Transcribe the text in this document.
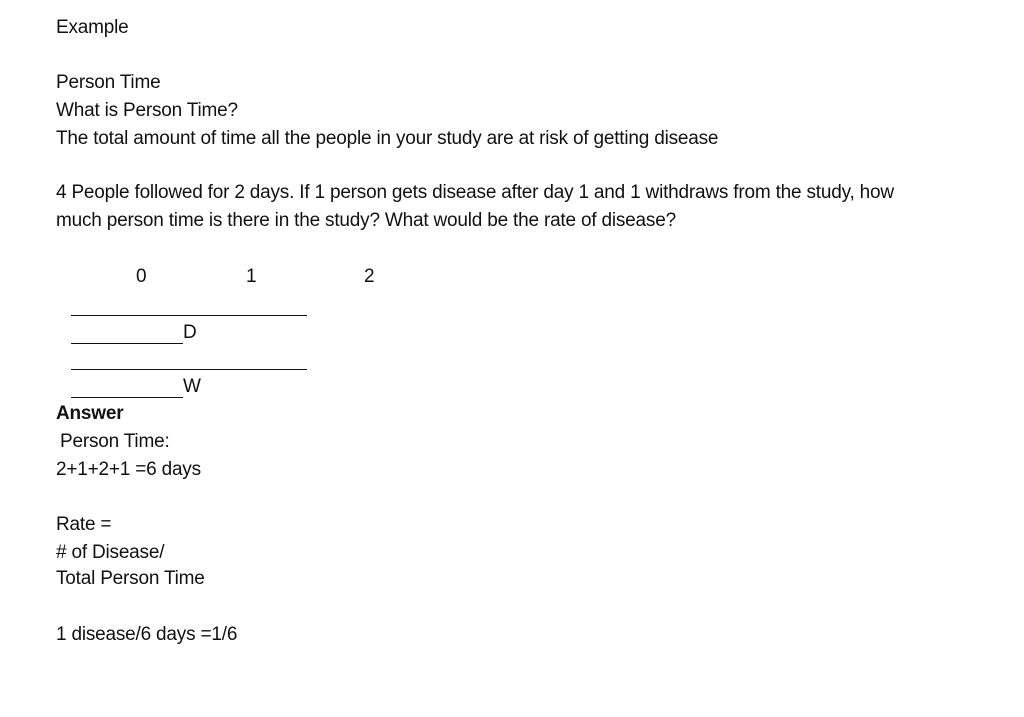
Example
Person Time
What is Person Time?
The total amount of time all the people in your study are at risk of getting disease
4 People followed for 2 days. If 1 person gets disease after day 1 and 1 withdraws from the study, how
much person time is there in the study? What would be the rate of disease?
0	1	2
D
W
Answer
Person Time:
2+1+2+1 =6 days
Rate =
# of Disease/
Total Person Time
1 disease/6 days =1/6
